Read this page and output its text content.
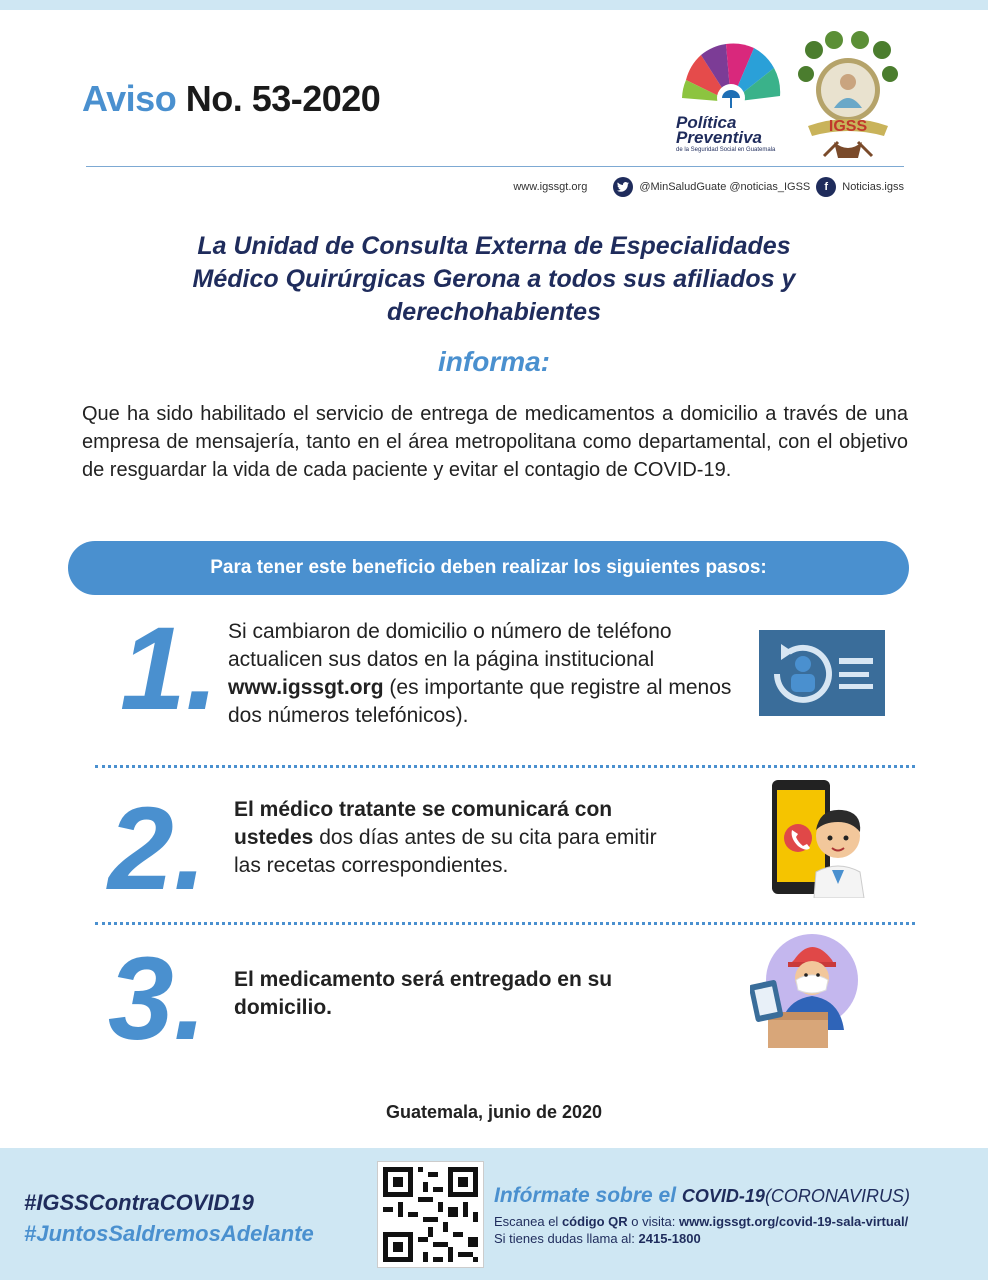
Aviso No. 53-2020
Política
Preventiva
de la Seguridad Social en Guatemala
IGSS
www.igssgt.org	@MinSaludGuate @noticias_IGSS	f	Noticias.igss
La Unidad de Consulta Externa de Especialidades
Médico Quirúrgicas Gerona a todos sus afiliados y
derechohabientes
informa:
Que ha sido habilitado el servicio de entrega de medicamentos a domicilio a través de una empresa de mensajería, tanto en el área metropolitana como departamental, con el objetivo de resguardar la vida de cada paciente y evitar el contagio de COVID-19.
Para tener este beneficio deben realizar los siguientes pasos:
1. Si cambiaron de domicilio o número de teléfono actualicen sus datos en la página institucional www.igssgt.org (es importante que registre al menos dos números telefónicos).
2. El médico tratante se comunicará con ustedes dos días antes de su cita para emitir las recetas correspondientes.
3. El medicamento será entregado en su domicilio.
Guatemala, junio de 2020
#IGSSContraCOVID19
#JuntosSaldremosAdelante
Infórmate sobre el COVID-19(CORONAVIRUS)
Escanea el código QR o visita: www.igssgt.org/covid-19-sala-virtual/
Si tienes dudas llama al: 2415-1800
